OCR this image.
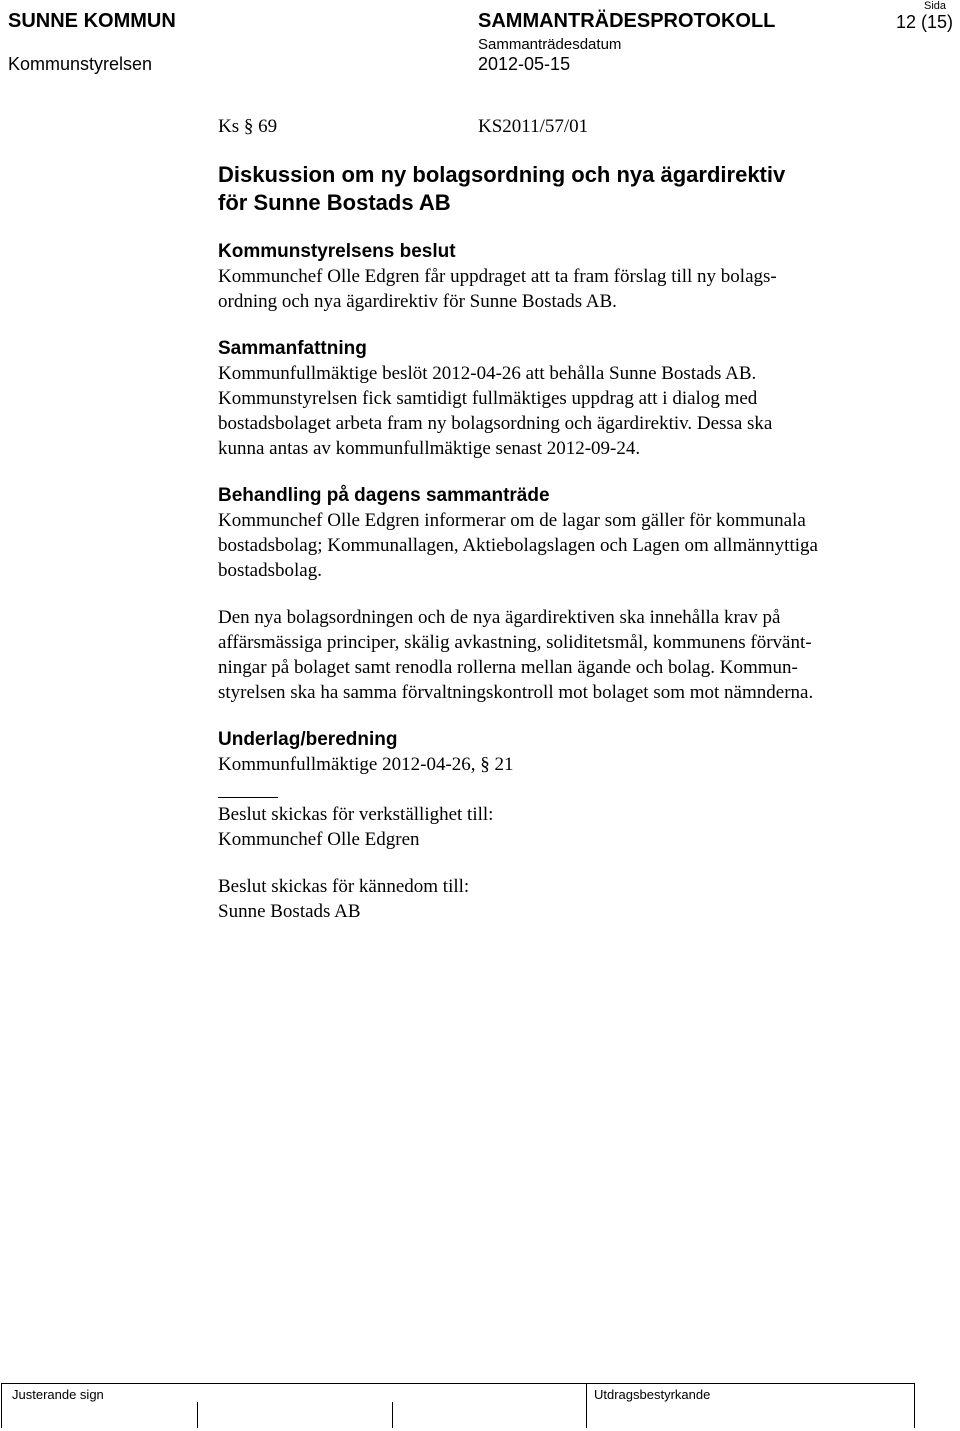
SUNNE KOMMUN
Kommunstyrelsen
SAMMANTRÄDESPROTOKOLL
Sammanträdesdatum
2012-05-15
Sida
12 (15)
Ks § 69	KS2011/57/01
Diskussion om ny bolagsordning och nya ägardirektiv
för Sunne Bostads AB
Kommunstyrelsens beslut
Kommunchef Olle Edgren får uppdraget att ta fram förslag till ny bolags-
ordning och nya ägardirektiv för Sunne Bostads AB.
Sammanfattning
Kommunfullmäktige beslöt 2012-04-26 att behålla Sunne Bostads AB.
Kommunstyrelsen fick samtidigt fullmäktiges uppdrag att i dialog med
bostadsbolaget arbeta fram ny bolagsordning och ägardirektiv. Dessa ska
kunna antas av kommunfullmäktige senast 2012-09-24.
Behandling på dagens sammanträde
Kommunchef Olle Edgren informerar om de lagar som gäller för kommunala
bostadsbolag; Kommunallagen, Aktiebolagslagen och Lagen om allmännyttiga
bostadsbolag.
Den nya bolagsordningen och de nya ägardirektiven ska innehålla krav på
affärsmässiga principer, skälig avkastning, soliditetsmål, kommunens förvänt-
ningar på bolaget samt renodla rollerna mellan ägande och bolag. Kommun-
styrelsen ska ha samma förvaltningskontroll mot bolaget som mot nämnderna.
Underlag/beredning
Kommunfullmäktige 2012-04-26, § 21
Beslut skickas för verkställighet till:
Kommunchef Olle Edgren
Beslut skickas för kännedom till:
Sunne Bostads AB
Justerande sign	Utdragsbestyrkande
